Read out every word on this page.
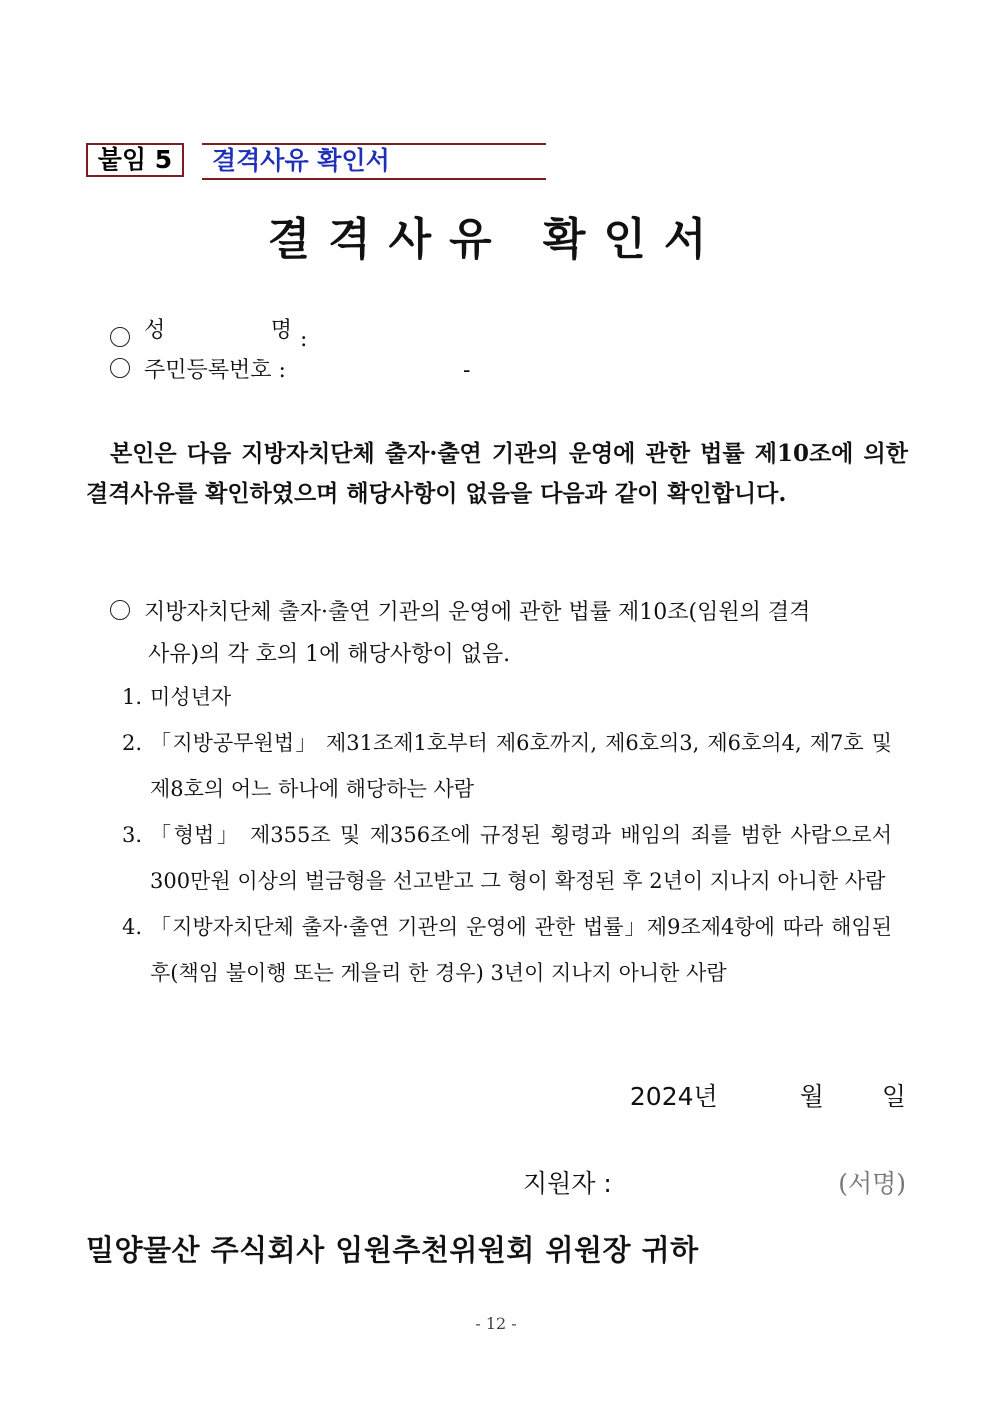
붙임 5	결격사유 확인서
결격사유 확인서
성	명 :
주민등록번호 :	-
본인은 다음 지방자치단체 출자·출연 기관의 운영에 관한 법률 제10조에 의한 결격사유를 확인하였으며 해당사항이 없음을 다음과 같이 확인합니다.
지방자치단체 출자·출연 기관의 운영에 관한 법률 제10조(임원의 결격
사유)의 각 호의 1에 해당사항이 없음.
1. 미성년자
2. 「지방공무원법」 제31조제1호부터 제6호까지, 제6호의3, 제6호의4, 제7호 및 제8호의 어느 하나에 해당하는 사람
3. 「형법」 제355조 및 제356조에 규정된 횡령과 배임의 죄를 범한 사람으로서 300만원 이상의 벌금형을 선고받고 그 형이 확정된 후 2년이 지나지 아니한 사람
4. 「지방자치단체 출자·출연 기관의 운영에 관한 법률」제9조제4항에 따라 해임된 후(책임 불이행 또는 게을리 한 경우) 3년이 지나지 아니한 사람
2024년	월 일
지원자 :	(서명)
밀양물산 주식회사 임원추천위원회 위원장 귀하
- 12 -
